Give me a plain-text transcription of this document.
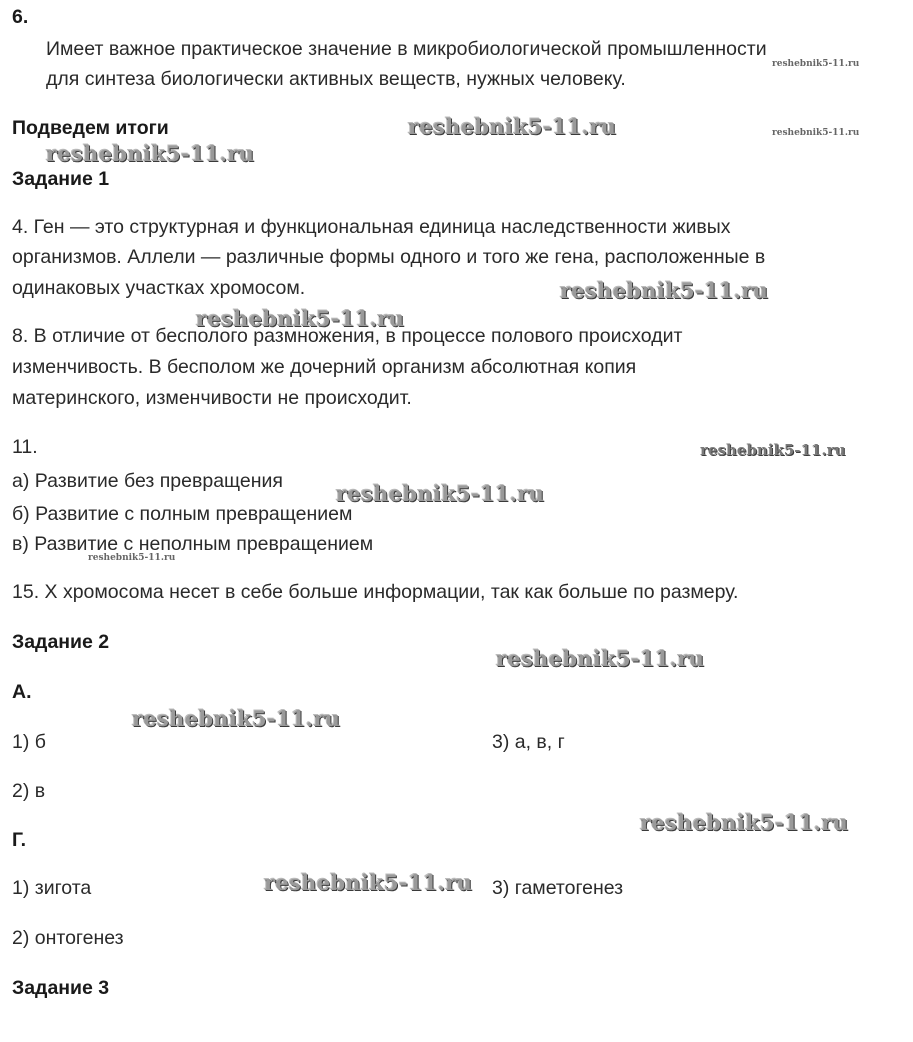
6.
Имеет важное практическое значение в микробиологической промышленности
для синтеза биологически активных веществ, нужных человеку.
Подведем итоги
Задание 1
4. Ген — это структурная и функциональная единица наследственности живых
организмов. Аллели — различные формы одного и того же гена, расположенные в
одинаковых участках хромосом.
8. В отличие от бесполого размножения, в процессе полового происходит
изменчивость. В бесполом же дочерний организм абсолютная копия
материнского, изменчивости не происходит.
11.
а) Развитие без превращения
б) Развитие с полным превращением
в) Развитие с неполным превращением
15. Х хромосома несет в себе больше информации, так как больше по размеру.
Задание 2
А.
1) б	3) а, в, г
2) в
Г.
1) зигота	3) гаметогенез
2) онтогенез
Задание 3
reshebnik5-11.ru
reshebnik5-11.ru
reshebnik5-11.ru
reshebnik5-11.ru
reshebnik5-11.ru
reshebnik5-11.ru
reshebnik5-11.ru
reshebnik5-11.ru
reshebnik5-11.ru
reshebnik5-11.ru
reshebnik5-11.ru
reshebnik5-11.ru
reshebnik5-11.ru
